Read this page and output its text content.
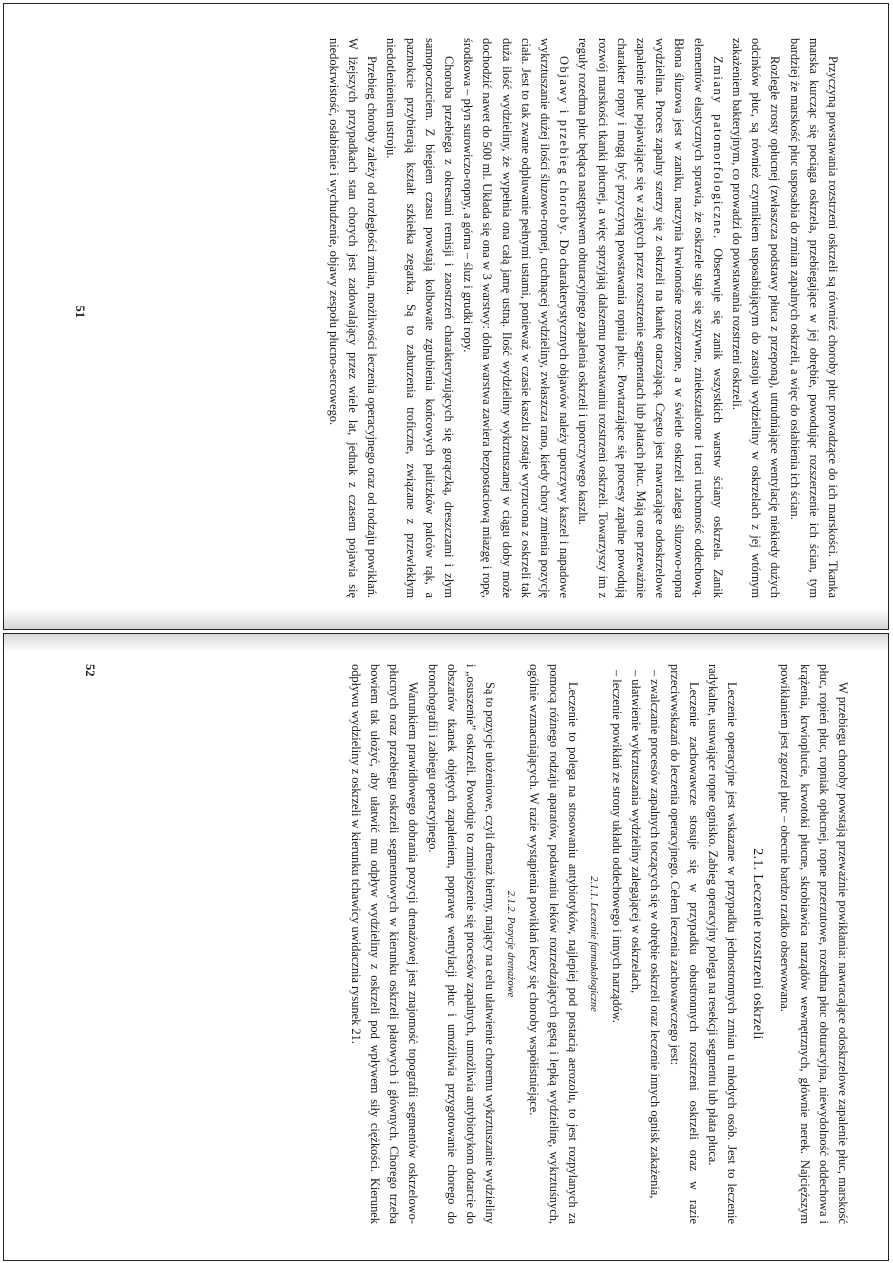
Przyczyną powstawania rozstrzeni oskrzeli są również choroby płuc prowadzące do ich marskości. Tkanka marska kurcząc się pociąga oskrzela, przebiegające w jej obrębie, powodując rozszerzenie ich ścian, tym bardziej że marskość płuc usposabia do zmian zapalnych oskrzeli, a więc do osłabienia ich ścian.

Rozległe zrosty opłucnej (zwłaszcza podstawy płuca z przeponą), utrudniające wentylację niekiedy dużych odcinków płuc, są również czynnikiem usposabiającym do zastoju wydzieliny w oskrzelach z jej wtórnym zakażeniem bakteryjnym, co prowadzi do powstawania rozstrzeni oskrzeli.

Zmiany patomorfologiczne. Obserwuje się zanik wszystkich warstw ściany oskrzela. Zanik elementów elastycznych sprawia, że oskrzele staje się sztywne, zniekształcone i traci ruchomość oddechową. Błona śluzowa jest w zaniku, naczynia krwionośne rozszerzone, a w świetle oskrzeli zalega śluzowo-ropna wydzielina. Proces zapalny szerzy się z oskrzeli na tkankę otaczającą. Często jest nawracające odoskrzelowe zapalenie płuc pojawiające się w zajętych przez rozstrzenie segmentach lub płatach płuc. Mają one przeważnie charakter ropny i mogą być przyczyną powstawania ropnia płuc. Powtarzające się procesy zapalne powodują rozwój marskości tkanki płucnej, a więc sprzyjają dalszemu powstawaniu rozstrzeni oskrzeli. Towarzyszy im z reguły rozedma płuc będąca następstwem obturacyjnego zapalenia oskrzeli i uporczywego kaszlu.

Objawy i przebieg choroby. Do charakterystycznych objawów należy uporczywy kaszel i napadowe wykrztuszanie dużej ilości śluzowo-ropnej, cuchnącej wydzieliny, zwłaszcza rano, kiedy chory zmienia pozycję ciała. Jest to tak zwane odpluwanie pełnymi ustami, ponieważ w czasie kaszlu zostaje wyrzucona z oskrzeli tak duża ilość wydzieliny, że wypełnia ona całą jamę ustną. Ilość wydzieliny wykrztuszanej w ciągu doby może dochodzić nawet do 500 ml. Układa się ona w 3 warstwy: dolna warstwa zawiera bezpostaciową miazgę i ropę, środkowa – płyn surowiczo-ropny, a górna – śluz i grudki ropy.

Choroba przebiega z okresami remisji i zaostrzeń charakteryzujących się gorączką, dreszczami i złym samopoczuciem. Z biegiem czasu powstają kolbowate zgrubienia końcowych paliczków palców rąk, a paznokcie przybierają kształt szkiełka zegarka. Są to zaburzenia troficzne, związane z przewlekłym niedotlenieniem ustroju.

Przebieg choroby zależy od rozległości zmian, możliwości leczenia operacyjnego oraz od rodzaju powikłań. W lżejszych przypadkach stan chorych jest zadowalający przez wiele lat, jednak z czasem pojawia się niedokrwistość, osłabienie i wychudzenie, objawy zespołu płucno-sercowego.

51

W przebiegu choroby powstają przeważnie powikłania: nawracające odoskrzelowe zapalenie płuc, marskość płuc, ropień płuc, ropniak opłucnej, ropne przerzutowe, rozedma płuc obturacyjna, niewydolność oddechowa i krążenia, krwioplucie, krwotoki płucne, skrobiawica narządów wewnętrznych, głównie nerek. Najcięższym powikłaniem jest zgorzel płuc – obecnie bardzo rzadko obserwowana.

2.1. Leczenie rozstrzeni oskrzeli

Leczenie operacyjne jest wskazane w przypadku jednostronnych zmian u młodych osób. Jest to leczenie radykalne, usuwające ropne ognisko. Zabieg operacyjny polega na resekcji segmentu lub płata płuca.

Leczenie zachowawcze stosuje się w przypadku obustronnych rozstrzeni oskrzeli oraz w razie przeciwwskazań do leczenia operacyjnego. Celem leczenia zachowawczego jest:

– zwalczanie procesów zapalnych toczących się w obrębie oskrzeli oraz leczenie innych ognisk zakażenia,
– ułatwienie wykrztuszania wydzieliny zalegającej w oskrzelach,
– leczenie powikłań ze strony układu oddechowego i innych narządów.
2.1.1. Leczenie farmakologiczne

Leczenie to polega na stosowaniu antybiotyków, najlepiej pod postacią aerozolu, to jest rozpylanych za pomocą różnego rodzaju aparatów, podawaniu leków rozrzedzających gęstą i lepką wydzielinę, wykrztuśnych, ogólnie wzmacniających. W razie wystąpienia powikłań leczy się choroby współistniejące.

2.1.2. Pozycje drenażowe

Są to pozycje ułożeniowe, czyli drenaż bierny, mający na celu ułatwienie choremu wykrztuszanie wydzieliny i „osuszenie” oskrzeli. Powoduje to zmniejszenie się procesów zapalnych, umożliwia antybiotykom dotarcie do obszarów tkanek objętych zapaleniem, poprawę wentylacji płuc i umożliwia przygotowanie chorego do bronchografii i zabiegu operacyjnego.

Warunkiem prawidłowego dobrania pozycji drenażowej jest znajomość topografii segmentów oskrzelowo-płucnych oraz przebiegu oskrzeli segmentowych w kierunku oskrzeli płatowych i głównych. Chorego trzeba bowiem tak ułożyć, aby ułatwić mu odpływ wydzieliny z oskrzeli pod wpływem siły ciężkości. Kierunek odpływu wydzieliny z oskrzeli w kierunku tchawicy uwidacznia rysunek 21.

52
